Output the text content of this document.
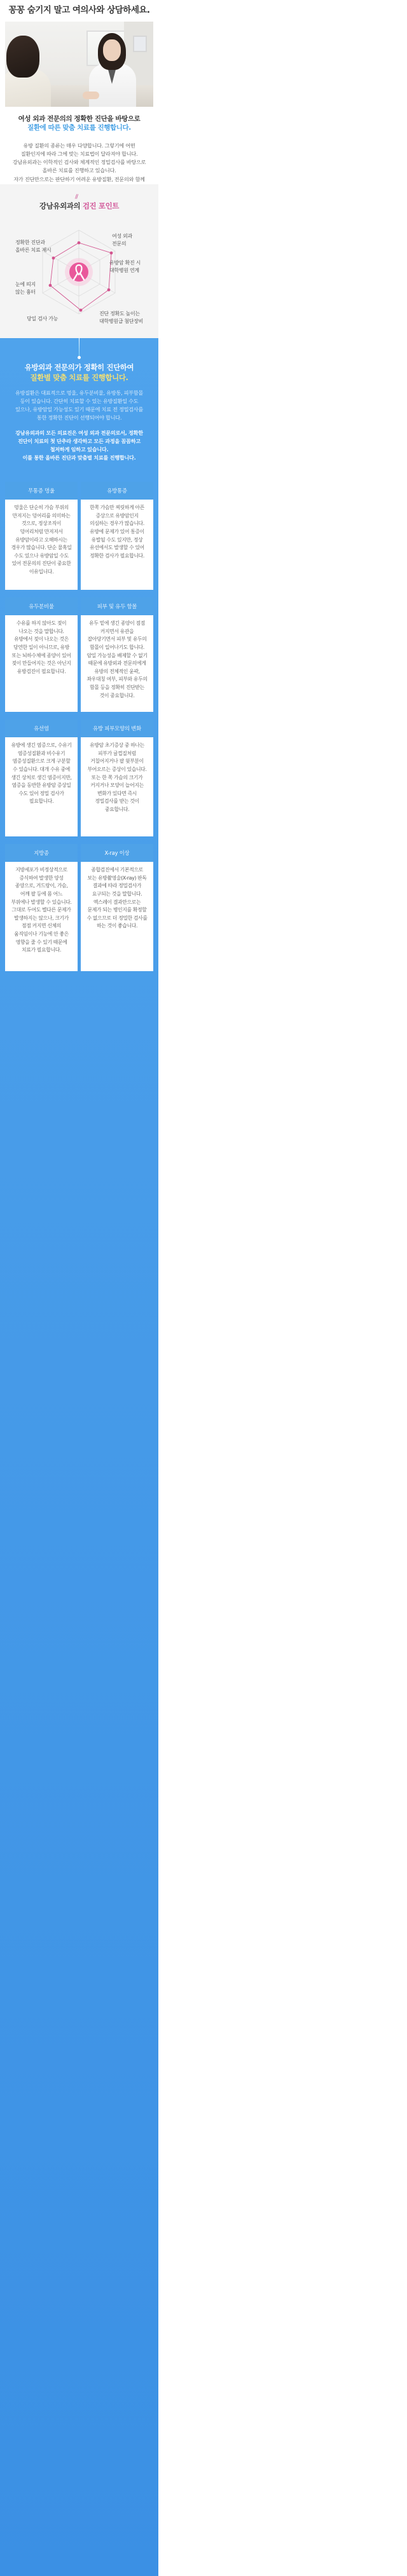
꽁꽁 숨기지 말고 여의사와 상담하세요.
여성 외과 전문의의 정확한 진단을 바탕으로
질환에 따른 맞춤 치료를 진행합니다.
유방 질환의 종류는 매우 다양합니다. 그렇기에 어떤
질환인지에 따라 그에 맞는 치료법이 달라져야 합니다.
강남유외과는 이학적인 검사와 체계적인 정밀검사를 바탕으로
올바른 치료를 진행하고 있습니다.
자가 진단만으로는 판단하기 어려운 유방질환, 전문의와 함께
//
강남유외과의 검진 포인트
정확한 진단과
올바른 치료 제시
여성 외과
전문의
유방암 확진 시
대학병원 연계
눈에 띄지
않는 흉터
당일 검사 가능
진단 정확도 높이는
대학병원급 첨단장비
유방외과 전문의가 정확히 진단하여
질환별 맞춤 치료를 진행합니다.
유방질환은 대표적으로 멍울, 유두분비물, 유방통, 피부함몰
등이 있습니다. 간단히 치료할 수 있는 유방질환일 수도
있으나, 유방암일 가능성도 있기 때문에 치료 전 정밀검사를
통한 정확한 진단이 선행되어야 합니다.
강남유외과의 모든 의료진은 여성 외과 전문의로서, 정확한
진단이 치료의 첫 단추라 생각하고 모든 과정을 꼼꼼하고
철저하게 임하고 있습니다.
이를 통한 올바른 진단과 맞춤별 치료를 진행합니다.
무통증 멍울
멍울은 단순히 가슴 부위의
만져지는 덩어리를 의미하는
것으로, 정상조직이
덩어리처럼 만져져서
유방암이라고 오해하시는
경우가 많습니다. 단순 물혹일
수도 있으나 유방암일 수도
있어 전문의의 진단이 중요한
이유입니다.
유방통증
한쪽 가슴만 찌릿하게 아픈
증상으로 유방암인지
의심하는 경우가 많습니다.
유방에 문제가 있어 통증이
유발될 수도 있지만, 정상
유선에서도 발생할 수 있어
정확한 검사가 필요합니다.
유두분비물
수유를 하지 않아도 젖이
나오는 것을 말합니다.
유방에서 젖이 나오는 것은
당연한 일이 아니므로, 유방
또는 뇌하수체에 종양이 있어
젖이 만들어지는 것은 아닌지
유방검진이 필요합니다.
피부 및 유두 함몰
유두 밑에 생긴 종양이 점점
커지면서 유관을
잡아당기면서 피부 및 유두의
함몰이 일어나기도 합니다.
암일 가능성을 배제할 수 없기
때문에 유방외과 전문의에게
유방의 전체적인 윤곽,
좌우대칭 여부, 피부와 유두의
함몰 등을 정확히 진단받는
것이 중요합니다.
유선염
유방에 생긴 염증으로, 수유기
염증성질환과 비수유기
염증성질환으로 크게 구분할
수 있습니다. 대개 수유 중에
생긴 상처로 생긴 염증이지만,
염증을 동반한 유방암 증상일
수도 있어 정밀 검사가
필요합니다.
유방 피부모양의 변화
유방암 초기증상 중 하나는
피부가 귤껍질처럼
거칠어지거나 팔 윗부분이
부어오르는 증상이 있습니다.
또는 한 쪽 가슴의 크기가
커지거나 모양이 늘어지는
변화가 있다면 즉시
정밀검사를 받는 것이
중요합니다.
지방종
지방세포가 비정상적으로
증식하여 발생한 양성
종양으로, 겨드랑이, 가슴,
어깨 팔 등에 몸 어느
부위에나 발생할 수 있습니다.
그대로 두어도 별다른 문제가
발생하지는 않으나, 크기가
점점 커지면 신체의
움직임이나 기능에 안 좋은
영향을 줄 수 있기 때문에
치료가 필요합니다.
X-ray 이상
종합검진에서 기본적으로
보는 유방촬영술(X-ray) 판독
결과에 따라 정밀검사가
요구되는 것을 말합니다.
엑스레이 결과만으로는
문제가 되는 병인지를 확정할
수 없으므로 더 정밀한 검사를
하는 것이 좋습니다.
